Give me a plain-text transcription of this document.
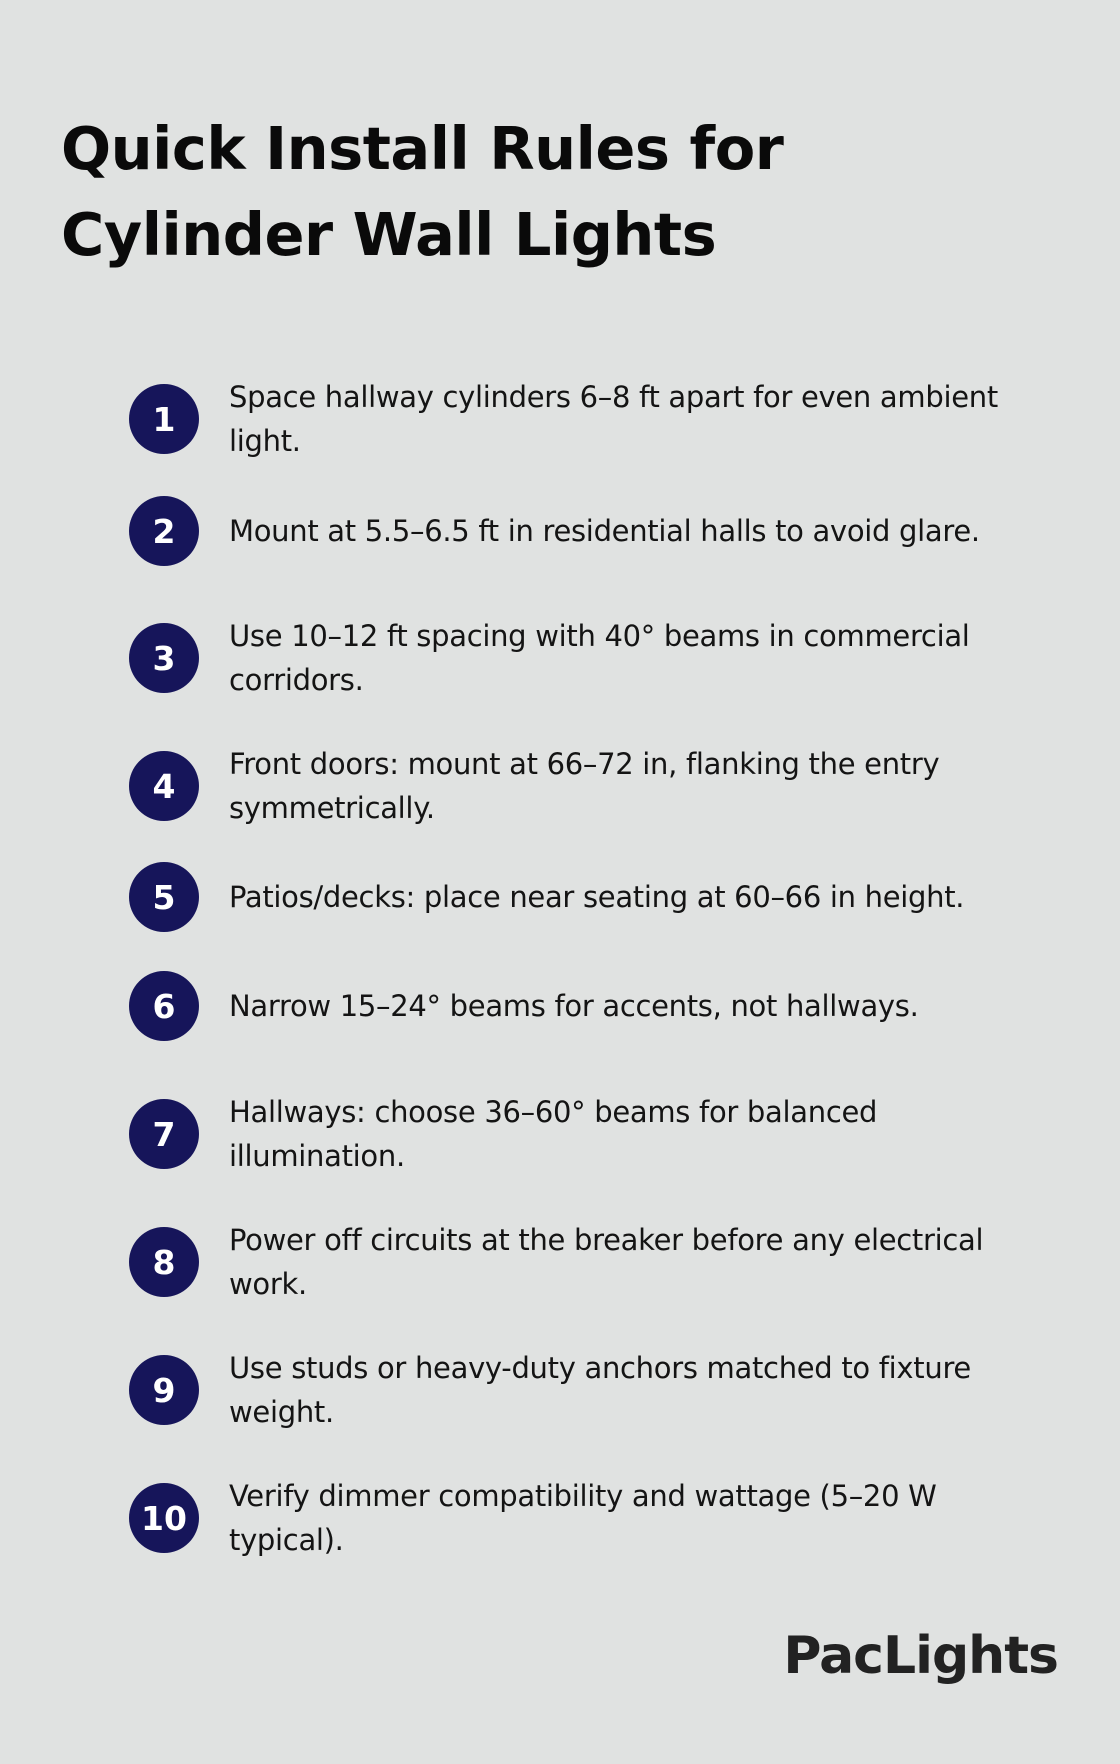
Quick Install Rules for Cylinder Wall Lights
1
Space hallway cylinders 6–8 ft apart for even ambient light.
2	Mount at 5.5–6.5 ft in residential halls to avoid glare.
3
Use 10–12 ft spacing with 40° beams in commercial corridors.
4
Front doors: mount at 66–72 in, flanking the entry symmetrically.
5	Patios/decks: place near seating at 60–66 in height.
6	Narrow 15–24° beams for accents, not hallways.
7
Hallways: choose 36–60° beams for balanced illumination.
8
Power off circuits at the breaker before any electrical work.
9
Use studs or heavy-duty anchors matched to fixture weight.
10
Verify dimmer compatibility and wattage (5–20 W typical).
PacLights
